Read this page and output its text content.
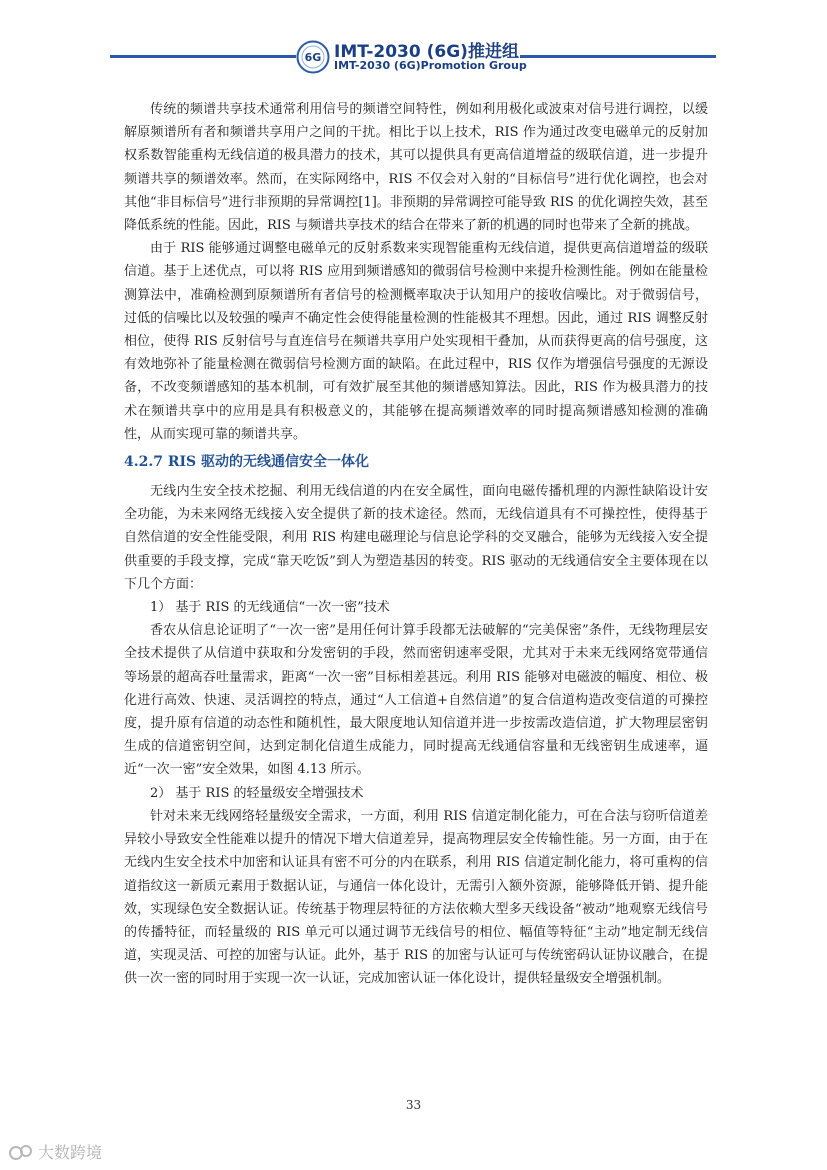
6G IMT-2030 (6G)推进组
IMT-2030 (6G)Promotion Group

传统的频谱共享技术通常利用信号的频谱空间特性，例如利用极化或波束对信号进行调控，以缓解原频谱所有者和频谱共享用户之间的干扰。相比于以上技术，RIS 作为通过改变电磁单元的反射加权系数智能重构无线信道的极具潜力的技术，其可以提供具有更高信道增益的级联信道，进一步提升频谱共享的频谱效率。然而，在实际网络中，RIS 不仅会对入射的“目标信号”进行优化调控，也会对其他“非目标信号”进行非预期的异常调控[1]。非预期的异常调控可能导致 RIS 的优化调控失效，甚至降低系统的性能。因此，RIS 与频谱共享技术的结合在带来了新的机遇的同时也带来了全新的挑战。

由于 RIS 能够通过调整电磁单元的反射系数来实现智能重构无线信道，提供更高信道增益的级联信道。基于上述优点，可以将 RIS 应用到频谱感知的微弱信号检测中来提升检测性能。例如在能量检测算法中，准确检测到原频谱所有者信号的检测概率取决于认知用户的接收信噪比。对于微弱信号，过低的信噪比以及较强的噪声不确定性会使得能量检测的性能极其不理想。因此，通过 RIS 调整反射相位，使得 RIS 反射信号与直连信号在频谱共享用户处实现相干叠加，从而获得更高的信号强度，这有效地弥补了能量检测在微弱信号检测方面的缺陷。在此过程中，RIS 仅作为增强信号强度的无源设备，不改变频谱感知的基本机制，可有效扩展至其他的频谱感知算法。因此，RIS 作为极具潜力的技术在频谱共享中的应用是具有积极意义的，其能够在提高频谱效率的同时提高频谱感知检测的准确性，从而实现可靠的频谱共享。

4.2.7 RIS 驱动的无线通信安全一体化

无线内生安全技术挖掘、利用无线信道的内在安全属性，面向电磁传播机理的内源性缺陷设计安全功能，为未来网络无线接入安全提供了新的技术途径。然而，无线信道具有不可操控性，使得基于自然信道的安全性能受限，利用 RIS 构建电磁理论与信息论学科的交叉融合，能够为无线接入安全提供重要的手段支撑，完成“靠天吃饭”到人为塑造基因的转变。RIS 驱动的无线通信安全主要体现在以下几个方面：

1） 基于 RIS 的无线通信“一次一密”技术

香农从信息论证明了“一次一密”是用任何计算手段都无法破解的“完美保密”条件，无线物理层安全技术提供了从信道中获取和分发密钥的手段，然而密钥速率受限，尤其对于未来无线网络宽带通信等场景的超高吞吐量需求，距离“一次一密”目标相差甚远。利用 RIS 能够对电磁波的幅度、相位、极化进行高效、快速、灵活调控的特点，通过“人工信道+自然信道”的复合信道构造改变信道的可操控度，提升原有信道的动态性和随机性，最大限度地认知信道并进一步按需改造信道，扩大物理层密钥生成的信道密钥空间，达到定制化信道生成能力，同时提高无线通信容量和无线密钥生成速率，逼近“一次一密”安全效果，如图 4.13 所示。

2） 基于 RIS 的轻量级安全增强技术

针对未来无线网络轻量级安全需求，一方面，利用 RIS 信道定制化能力，可在合法与窃听信道差异较小导致安全性能难以提升的情况下增大信道差异，提高物理层安全传输性能。另一方面，由于在无线内生安全技术中加密和认证具有密不可分的内在联系，利用 RIS 信道定制化能力，将可重构的信道指纹这一新质元素用于数据认证，与通信一体化设计，无需引入额外资源，能够降低开销、提升能效，实现绿色安全数据认证。传统基于物理层特征的方法依赖大型多天线设备“被动”地观察无线信号的传播特征，而轻量级的 RIS 单元可以通过调节无线信号的相位、幅值等特征“主动”地定制无线信道，实现灵活、可控的加密与认证。此外，基于 RIS 的加密与认证可与传统密码认证协议融合，在提供一次一密的同时用于实现一次一认证，完成加密认证一体化设计，提供轻量级安全增强机制。

33
大数跨境
